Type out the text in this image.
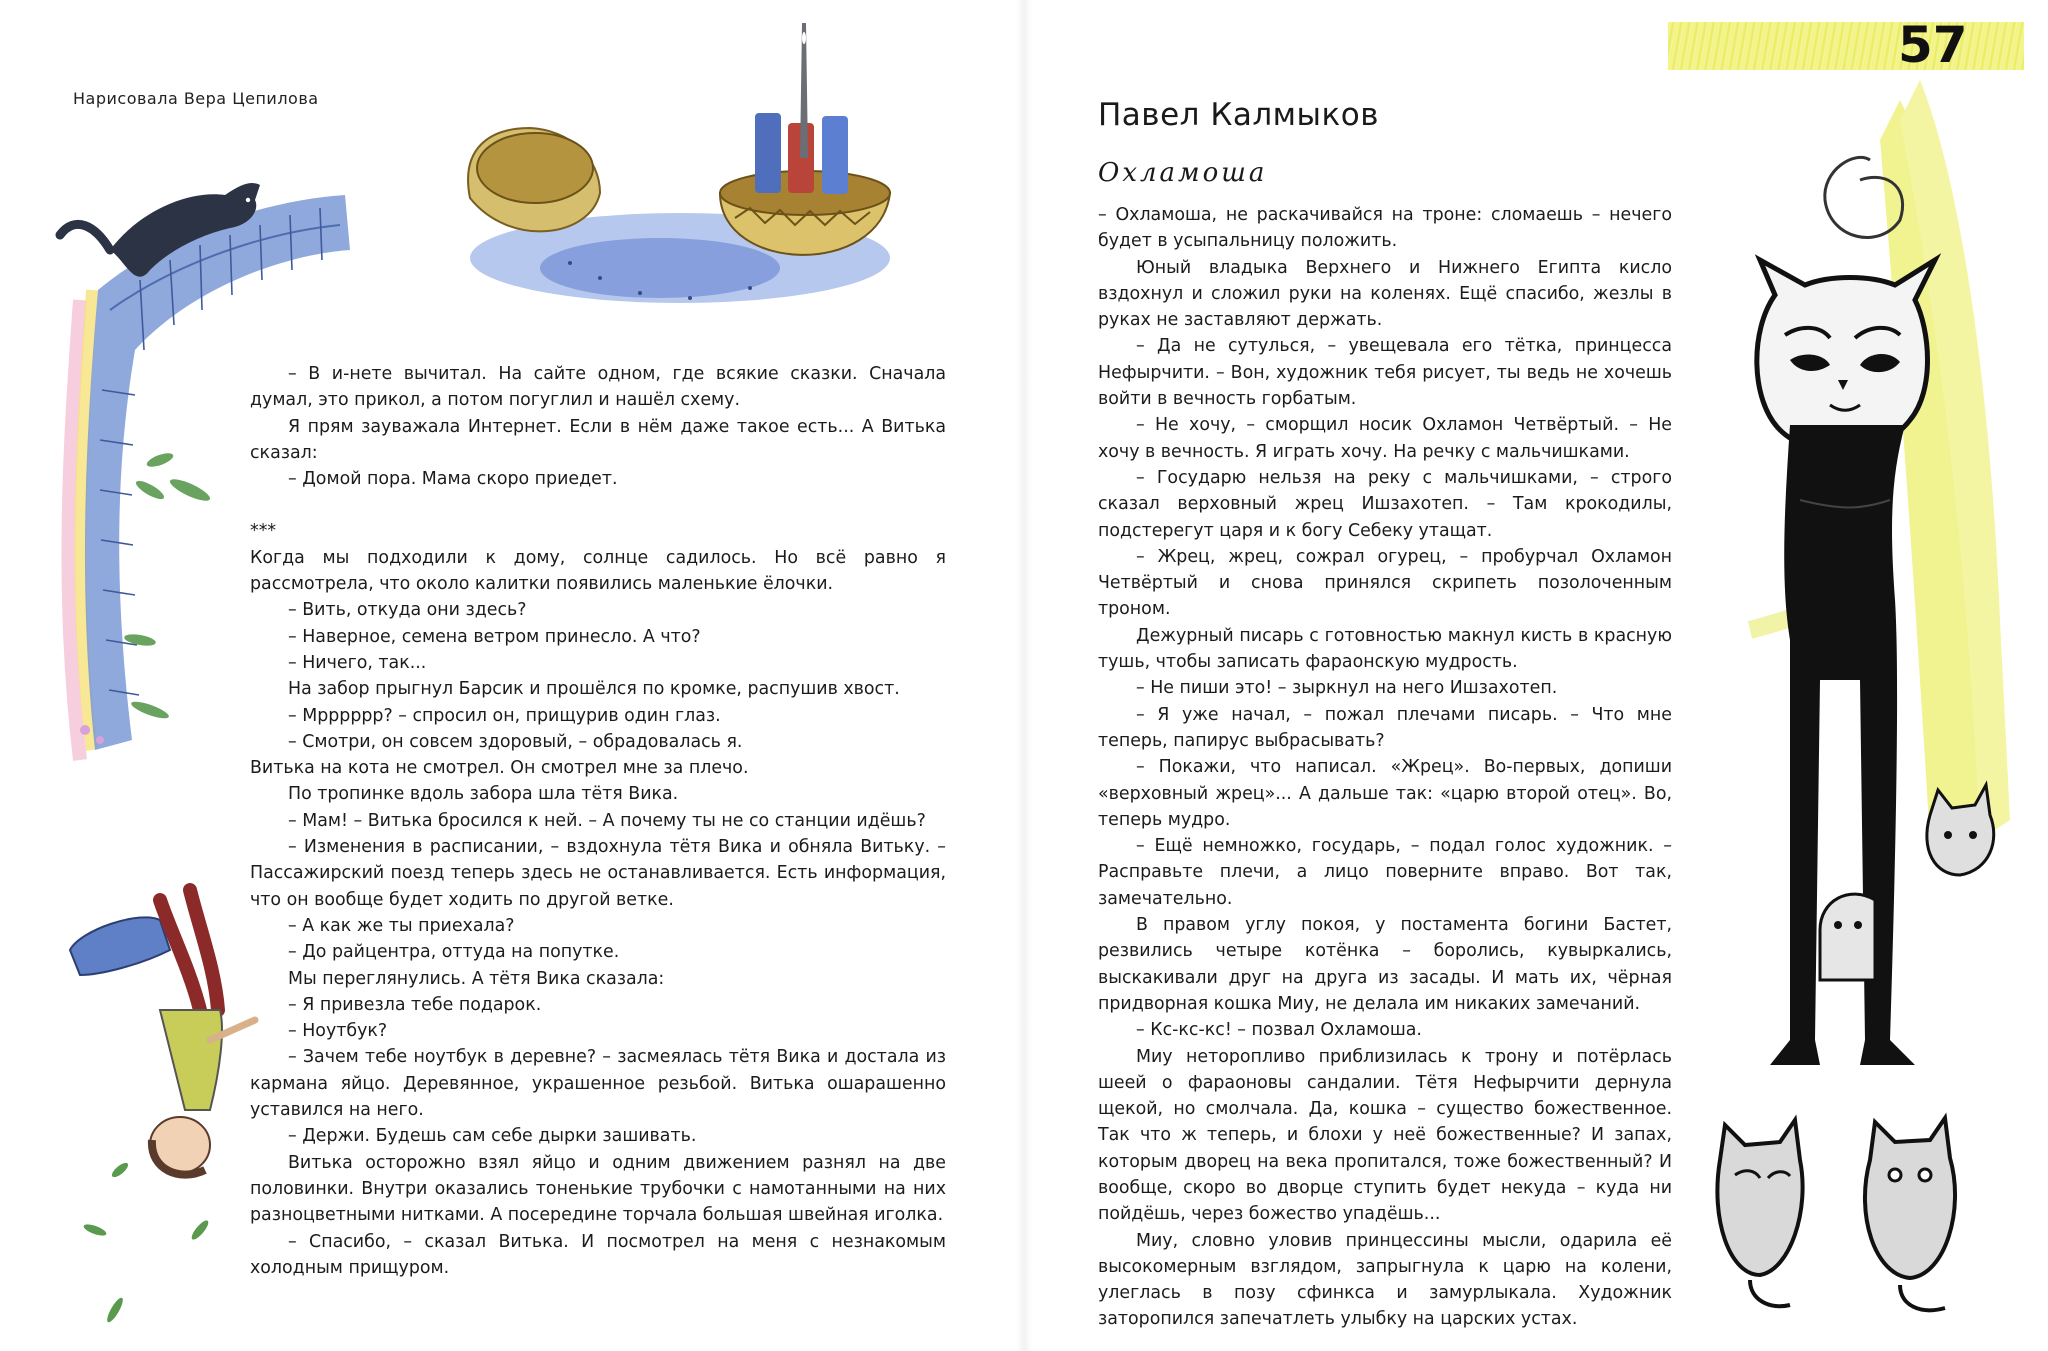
Нарисовала Вера Цепилова

– В и-нете вычитал. На сайте одном, где всякие сказки. Сначала думал, это прикол, а потом погуглил и нашёл схему.

Я прям зауважала Интернет. Если в нём даже такое есть... А Витька сказал:

– Домой пора. Мама скоро приедет.

***

Когда мы подходили к дому, солнце садилось. Но всё равно я рассмотрела, что около калитки появились маленькие ёлочки.

– Вить, откуда они здесь?

– Наверное, семена ветром принесло. А что?

– Ничего, так...

На забор прыгнул Барсик и прошёлся по кромке, распушив хвост.

– Мрррррр? – спросил он, прищурив один глаз.

– Смотри, он совсем здоровый, – обрадовалась я.

Витька на кота не смотрел. Он смотрел мне за плечо.

По тропинке вдоль забора шла тётя Вика.

– Мам! – Витька бросился к ней. – А почему ты не со станции идёшь?

– Изменения в расписании, – вздохнула тётя Вика и обняла Витьку. – Пассажирский поезд теперь здесь не останавливается. Есть информация, что он вообще будет ходить по другой ветке.

– А как же ты приехала?

– До райцентра, оттуда на попутке.

Мы переглянулись. А тётя Вика сказала:

– Я привезла тебе подарок.

– Ноутбук?

– Зачем тебе ноутбук в деревне? – засмеялась тётя Вика и достала из кармана яйцо. Деревянное, украшенное резьбой. Витька ошарашенно уставился на него.

– Держи. Будешь сам себе дырки зашивать.

Витька осторожно взял яйцо и одним движением разнял на две половинки. Внутри оказались тоненькие трубочки с намотанными на них разноцветными нитками. А посередине торчала большая швейная иголка.

– Спасибо, – сказал Витька. И посмотрел на меня с незнакомым холодным прищуром.

57
Павел Калмыков
Охламоша

– Охламоша, не раскачивайся на троне: сломаешь – нечего будет в усыпальницу положить.

Юный владыка Верхнего и Нижнего Египта кисло вздохнул и сложил руки на коленях. Ещё спасибо, жезлы в руках не заставляют держать.

– Да не сутулься, – увещевала его тётка, принцесса Нефырчити. – Вон, художник тебя рисует, ты ведь не хочешь войти в вечность горбатым.

– Не хочу, – сморщил носик Охламон Четвёртый. – Не хочу в вечность. Я играть хочу. На речку с мальчишками.

– Государю нельзя на реку с мальчишками, – строго сказал верховный жрец Ишзахотеп. – Там крокодилы, подстерегут царя и к богу Себеку утащат.

– Жрец, жрец, сожрал огурец, – пробурчал Охламон Четвёртый и снова принялся скрипеть позолоченным троном.

Дежурный писарь с готовностью макнул кисть в красную тушь, чтобы записать фараонскую мудрость.

– Не пиши это! – зыркнул на него Ишзахотеп.

– Я уже начал, – пожал плечами писарь. – Что мне теперь, папирус выбрасывать?

– Покажи, что написал. «Жрец». Во-первых, допиши «верховный жрец»... А дальше так: «царю второй отец». Во, теперь мудро.

– Ещё немножко, государь, – подал голос художник. – Расправьте плечи, а лицо поверните вправо. Вот так, замечательно.

В правом углу покоя, у постамента богини Бастет, резвились четыре котёнка – боролись, кувыркались, выскакивали друг на друга из засады. И мать их, чёрная придворная кошка Миу, не делала им никаких замечаний.

– Кс-кс-кс! – позвал Охламоша.

Миу неторопливо приблизилась к трону и потёрлась шеей о фараоновы сандалии. Тётя Нефырчити дернула щекой, но смолчала. Да, кошка – существо божественное. Так что ж теперь, и блохи у неё божественные? И запах, которым дворец на века пропитался, тоже божественный? И вообще, скоро во дворце ступить будет некуда – куда ни пойдёшь, через божество упадёшь...

Миу, словно уловив принцессины мысли, одарила её высокомерным взглядом, запрыгнула к царю на колени, улеглась в позу сфинкса и замурлыкала. Художник заторопился запечатлеть улыбку на царских устах.
